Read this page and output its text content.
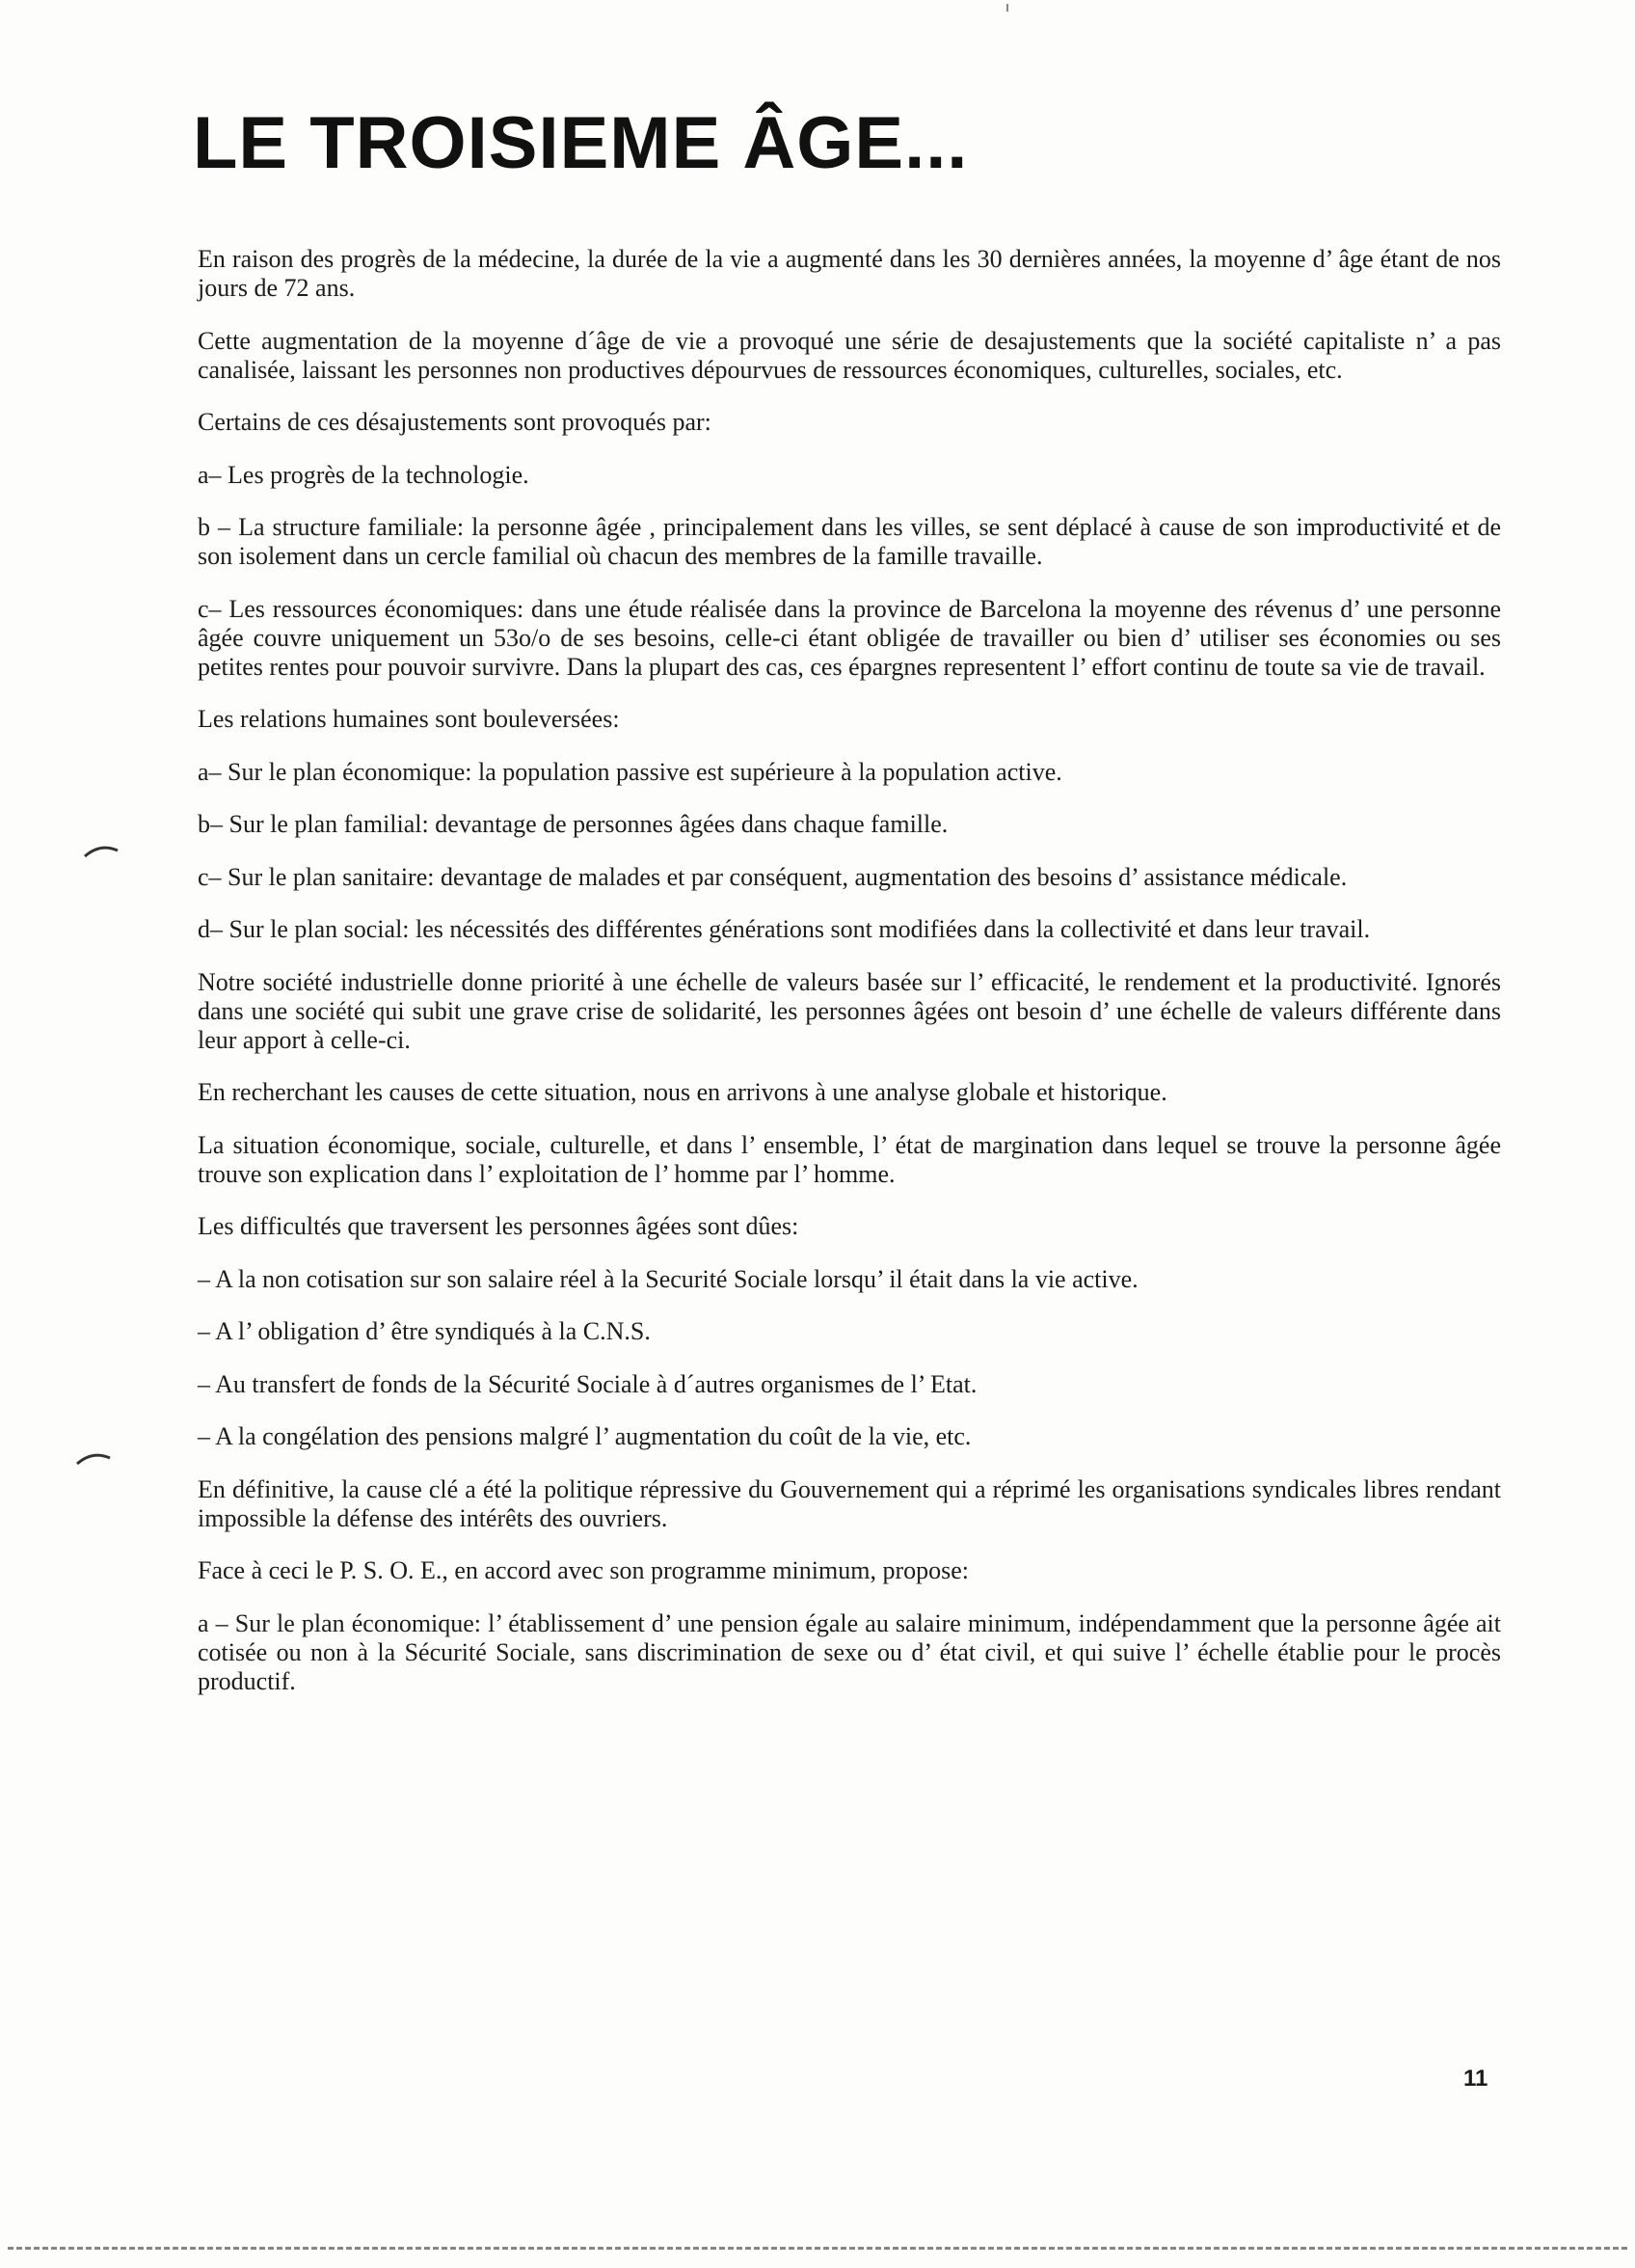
LE TROISIEME ÂGE...

En raison des progrès de la médecine, la durée de la vie a augmenté dans les 30 dernières années, la moyenne d’ âge étant de nos jours de 72 ans.

Cette augmentation de la moyenne d´âge de vie a provoqué une série de desajustements que la société capitaliste n’ a pas canalisée, laissant les personnes non productives dépourvues de ressources économiques, culturelles, sociales, etc.

Certains de ces désajustements sont provoqués par:

a– Les progrès de la technologie.

b – La structure familiale: la personne âgée , principalement dans les villes, se sent déplacé à cause de son improductivité et de son isolement dans un cercle familial où chacun des membres de la famille travaille.

c– Les ressources économiques: dans une étude réalisée dans la province de Barcelona la moyenne des révenus d’ une personne âgée couvre uniquement un 53o/o de ses besoins, celle-ci étant obligée de travailler ou bien d’ utiliser ses économies ou ses petites rentes pour pouvoir survivre. Dans la plupart des cas, ces épargnes representent l’ effort continu de toute sa vie de travail.

Les relations humaines sont bouleversées:

a– Sur le plan économique: la population passive est supérieure à la population active.

b– Sur le plan familial: devantage de personnes âgées dans chaque famille.

c– Sur le plan sanitaire: devantage de malades et par conséquent, augmentation des besoins d’ assistance médicale.

d– Sur le plan social: les nécessités des différentes générations sont modifiées dans la collectivité et dans leur travail.

Notre société industrielle donne priorité à une échelle de valeurs basée sur l’ efficacité, le rendement et la productivité. Ignorés dans une société qui subit une grave crise de solidarité, les personnes âgées ont besoin d’ une échelle de valeurs différente dans leur apport à celle-ci.

En recherchant les causes de cette situation, nous en arrivons à une analyse globale et historique.

La situation économique, sociale, culturelle, et dans l’ ensemble, l’ état de margination dans lequel se trouve la personne âgée trouve son explication dans l’ exploitation de l’ homme par l’ homme.

Les difficultés que traversent les personnes âgées sont dûes:

– A la non cotisation sur son salaire réel à la Securité Sociale lorsqu’ il était dans la vie active.

– A l’ obligation d’ être syndiqués à la C.N.S.

– Au transfert de fonds de la Sécurité Sociale à d´autres organismes de l’ Etat.

– A la congélation des pensions malgré l’ augmentation du coût de la vie, etc.

En définitive, la cause clé a été la politique répressive du Gouvernement qui a réprimé les organisations syndicales libres rendant impossible la défense des intérêts des ouvriers.

Face à ceci le P. S. O. E., en accord avec son programme minimum, propose:

a – Sur le plan économique: l’ établissement d’ une pension égale au salaire minimum, indépendamment que la personne âgée ait cotisée ou non à la Sécurité Sociale, sans discrimination de sexe ou d’ état civil, et qui suive l’ échelle établie pour le procès productif.

11
